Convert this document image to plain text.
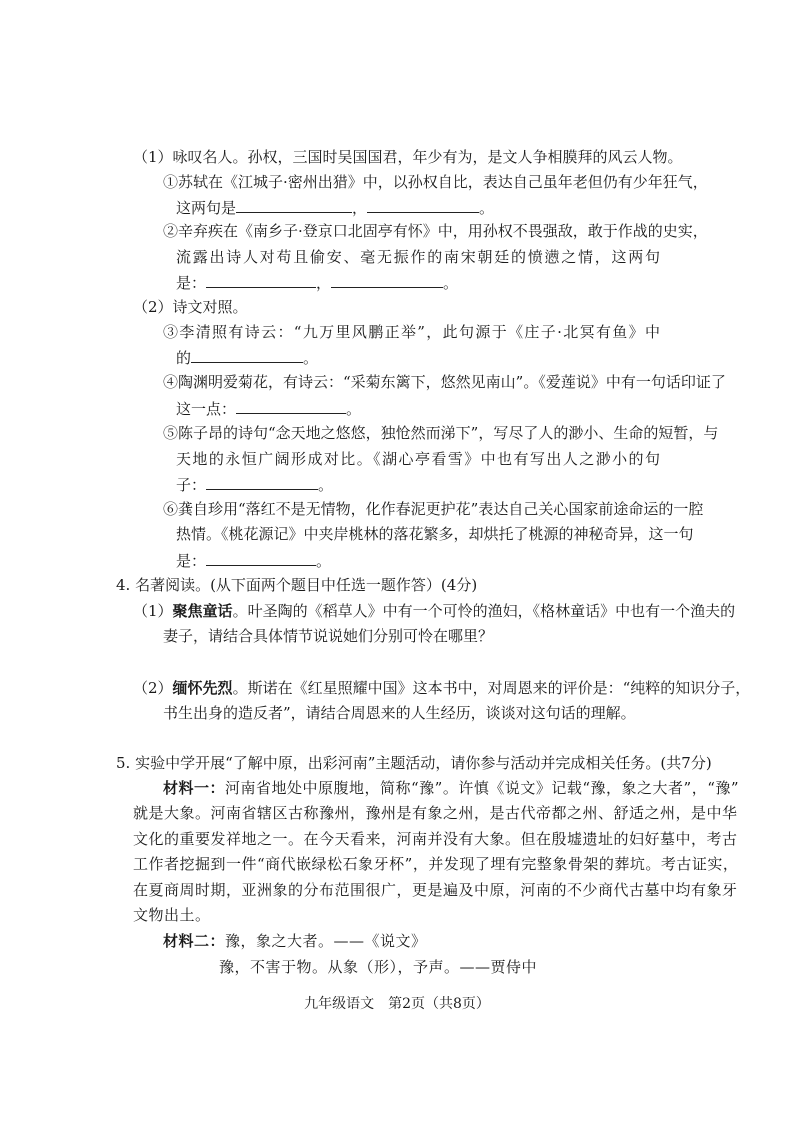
（1）咏叹名人。孙权，三国时吴国国君，年少有为，是文人争相膜拜的风云人物。
①苏轼在《江城子·密州出猎》中，以孙权自比，表达自己虽年老但仍有少年狂气，
这两句是	，	。
②辛弃疾在《南乡子·登京口北固亭有怀》中，用孙权不畏强敌，敢于作战的史实，
流露出诗人对苟且偷安、毫无振作的南宋朝廷的愤懑之情，这两句
是：	，	。
（2）诗文对照。
③李清照有诗云：“九万里风鹏正举”，此句源于《庄子·北冥有鱼》中
的	。
④陶渊明爱菊花，有诗云：“采菊东篱下，悠然见南山”。《爱莲说》中有一句话印证了
这一点：	。
⑤陈子昂的诗句“念天地之悠悠，独怆然而涕下”，写尽了人的渺小、生命的短暂，与
天地的永恒广阔形成对比。《湖心亭看雪》中也有写出人之渺小的句
子：	。
⑥龚自珍用“落红不是无情物，化作春泥更护花”表达自己关心国家前途命运的一腔
热情。《桃花源记》中夹岸桃林的落花繁多，却烘托了桃源的神秘奇异，这一句
是：	。
4. 名著阅读。(从下面两个题目中任选一题作答）(4分)
（1）聚焦童话。叶圣陶的《稻草人》中有一个可怜的渔妇，《格林童话》中也有一个渔夫的
妻子，请结合具体情节说说她们分别可怜在哪里？
（2）缅怀先烈。斯诺在《红星照耀中国》这本书中，对周恩来的评价是：“纯粹的知识分子，
书生出身的造反者”，请结合周恩来的人生经历，谈谈对这句话的理解。
5. 实验中学开展“了解中原，出彩河南”主题活动，请你参与活动并完成相关任务。(共7分)
材料一：河南省地处中原腹地，简称“豫”。许慎《说文》记载“豫，象之大者”，“豫”
就是大象。河南省辖区古称豫州，豫州是有象之州，是古代帝都之州、舒适之州，是中华
文化的重要发祥地之一。在今天看来，河南并没有大象。但在殷墟遗址的妇好墓中，考古
工作者挖掘到一件“商代嵌绿松石象牙杯”，并发现了埋有完整象骨架的葬坑。考古证实，
在夏商周时期，亚洲象的分布范围很广，更是遍及中原，河南的不少商代古墓中均有象牙
文物出土。
材料二：豫，象之大者。——《说文》
豫，不害于物。从象（形），予声。——贾侍中
九年级语文　第2页（共8页）
